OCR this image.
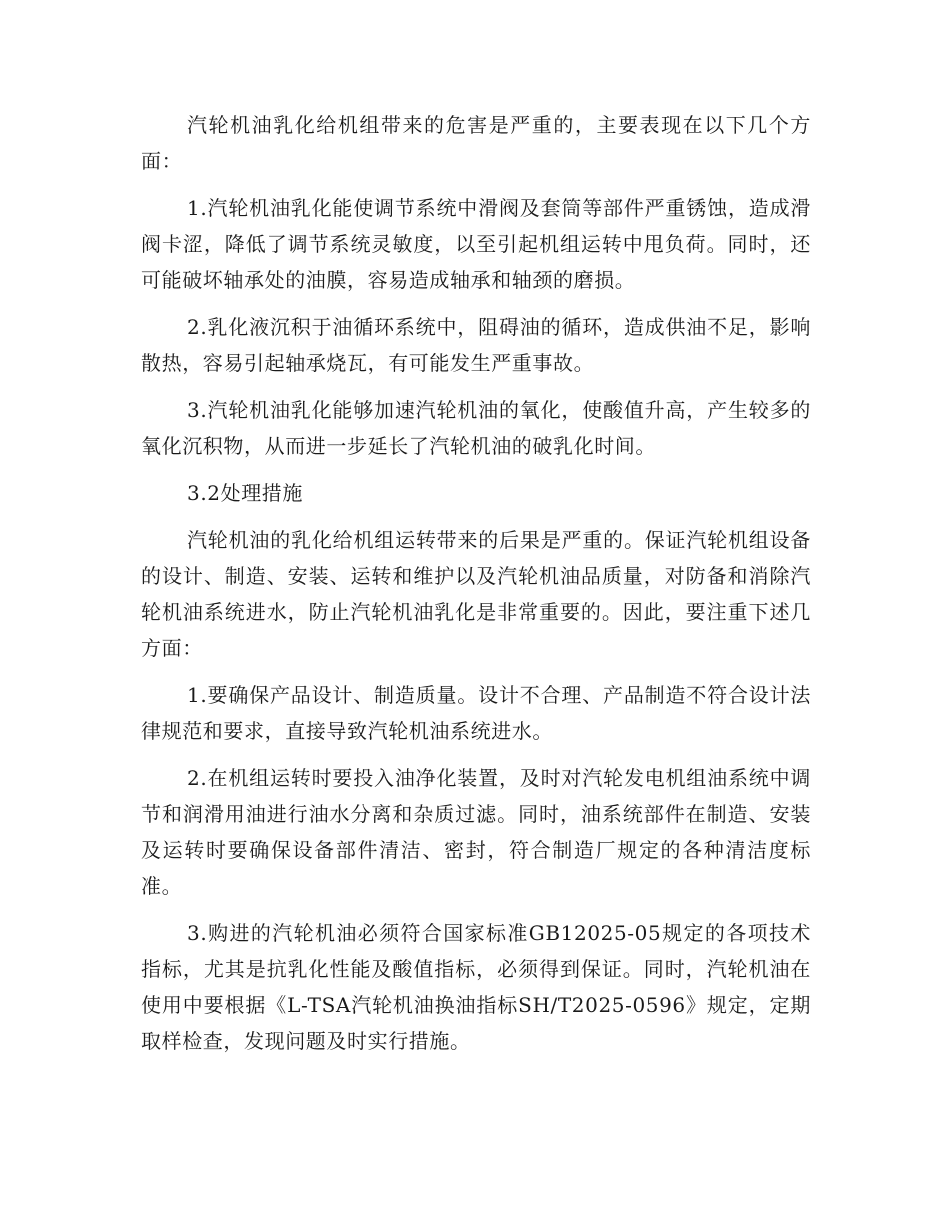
汽轮机油乳化给机组带来的危害是严重的，主要表现在以下几个方面：

1.汽轮机油乳化能使调节系统中滑阀及套筒等部件严重锈蚀，造成滑阀卡涩，降低了调节系统灵敏度，以至引起机组运转中甩负荷。同时，还可能破坏轴承处的油膜，容易造成轴承和轴颈的磨损。

2.乳化液沉积于油循环系统中，阻碍油的循环，造成供油不足，影响散热，容易引起轴承烧瓦，有可能发生严重事故。

3.汽轮机油乳化能够加速汽轮机油的氧化，使酸值升高，产生较多的氧化沉积物，从而进一步延长了汽轮机油的破乳化时间。

3.2处理措施

汽轮机油的乳化给机组运转带来的后果是严重的。保证汽轮机组设备的设计、制造、安装、运转和维护以及汽轮机油品质量，对防备和消除汽轮机油系统进水，防止汽轮机油乳化是非常重要的。因此，要注重下述几方面：

1.要确保产品设计、制造质量。设计不合理、产品制造不符合设计法律规范和要求，直接导致汽轮机油系统进水。

2.在机组运转时要投入油净化装置，及时对汽轮发电机组油系统中调节和润滑用油进行油水分离和杂质过滤。同时，油系统部件在制造、安装及运转时要确保设备部件清洁、密封，符合制造厂规定的各种清洁度标准。

3.购进的汽轮机油必须符合国家标准GB12025-05规定的各项技术指标，尤其是抗乳化性能及酸值指标，必须得到保证。同时，汽轮机油在使用中要根据《L-TSA汽轮机油换油指标SH/T2025-0596》规定，定期取样检查，发现问题及时实行措施。
